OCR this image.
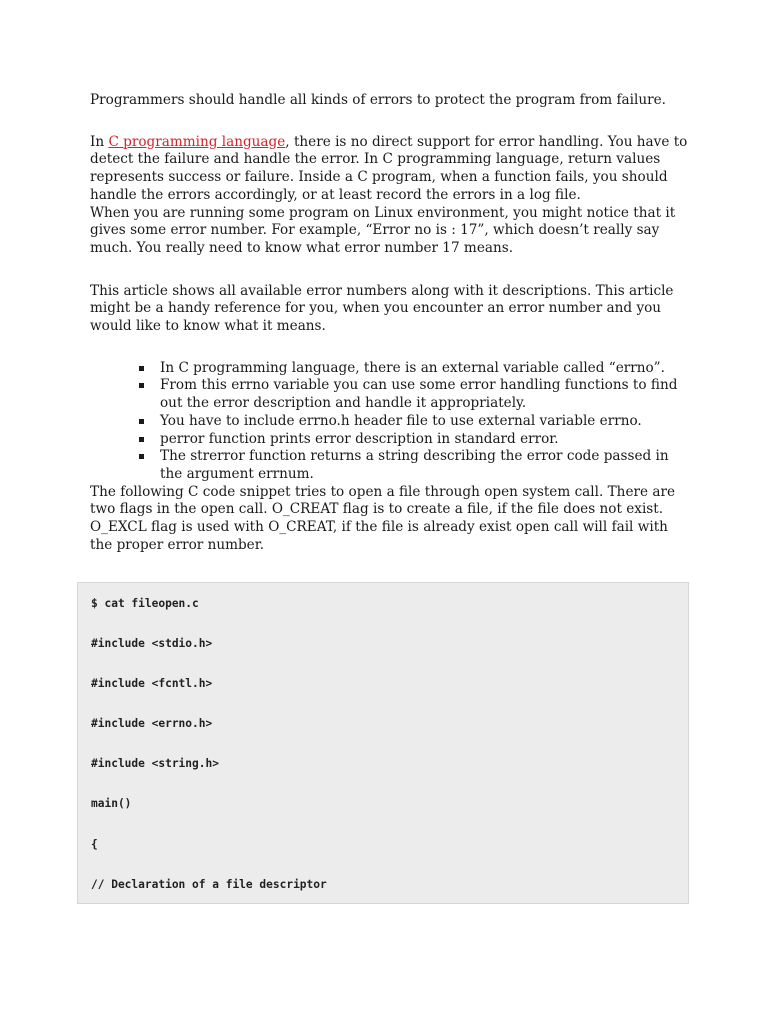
Programmers should handle all kinds of errors to protect the program from failure.

In C programming language, there is no direct support for error handling. You have to detect the failure and handle the error. In C programming language, return values represents success or failure. Inside a C program, when a function fails, you should handle the errors accordingly, or at least record the errors in a log file.

When you are running some program on Linux environment, you might notice that it gives some error number. For example, “Error no is : 17”, which doesn’t really say much. You really need to know what error number 17 means.

This article shows all available error numbers along with it descriptions. This article might be a handy reference for you, when you encounter an error number and you would like to know what it means.

In C programming language, there is an external variable called “errno”.
From this errno variable you can use some error handling functions to find out the error description and handle it appropriately.
You have to include errno.h header file to use external variable errno.
perror function prints error description in standard error.
The strerror function returns a string describing the error code passed in the argument errnum.

The following C code snippet tries to open a file through open system call. There are two flags in the open call. O_CREAT flag is to create a file, if the file does not exist. O_EXCL flag is used with O_CREAT, if the file is already exist open call will fail with the proper error number.

$ cat fileopen.c
#include <stdio.h>
#include <fcntl.h>
#include <errno.h>
#include <string.h>
main()
{
// Declaration of a file descriptor
